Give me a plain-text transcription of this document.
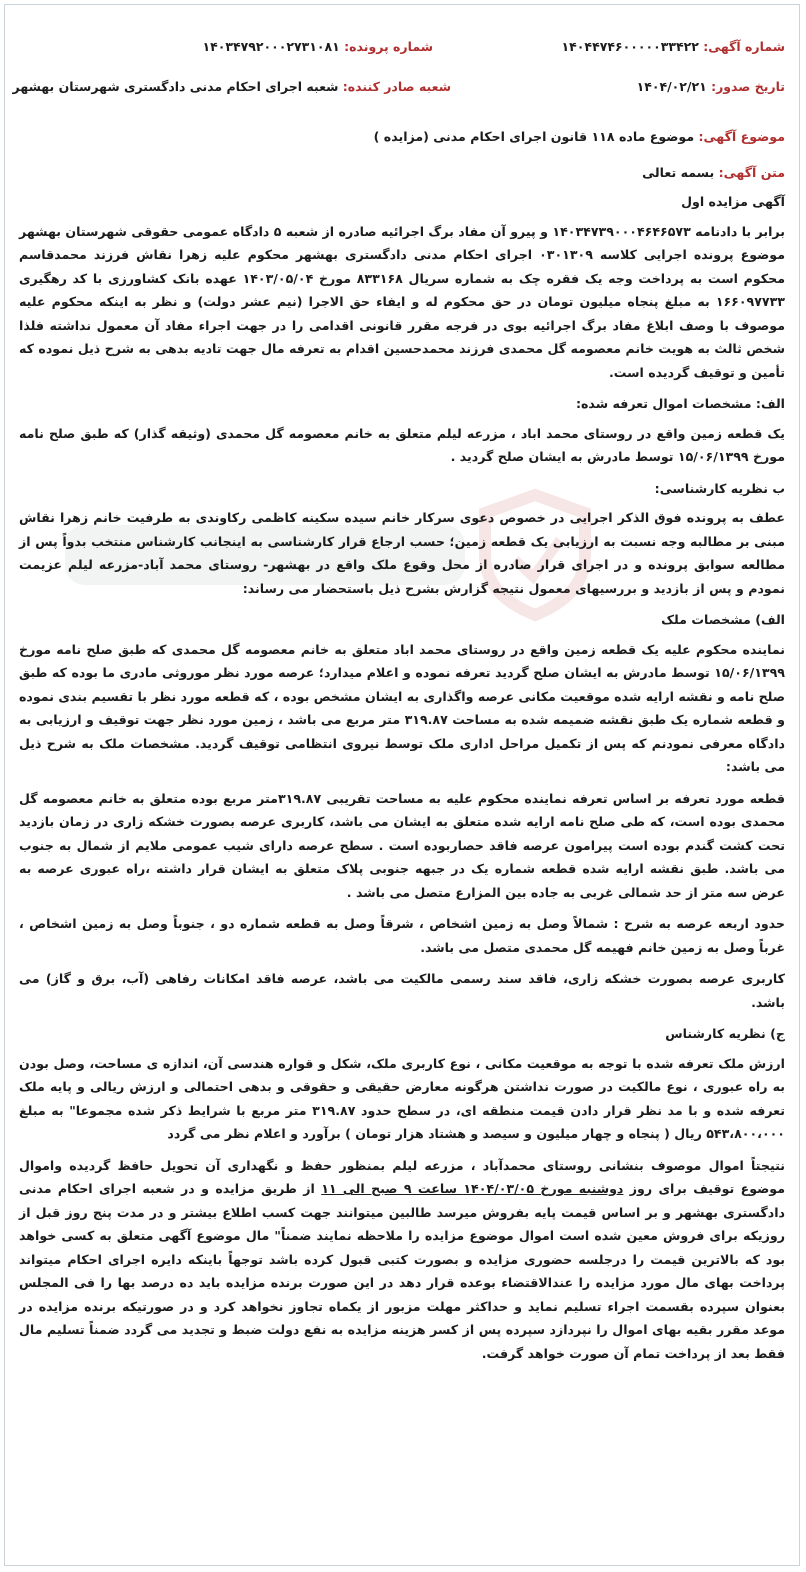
شماره آگهی: ۱۴۰۴۴۷۴۶۰۰۰۰۰۳۳۴۲۲
شماره پرونده: ۱۴۰۳۴۷۹۲۰۰۰۲۷۳۱۰۸۱
تاریخ صدور: ۱۴۰۴/۰۲/۲۱
شعبه صادر کننده: شعبه اجرای احکام مدنی دادگستری شهرستان بهشهر

موضوع آگهی: موضوع ماده ۱۱۸ قانون اجرای احکام مدنی (مزایده )

متن آگهی: بسمه تعالی

آگهی مزایده اول

برابر با دادنامه ۱۴۰۳۴۷۳۹۰۰۰۴۶۴۶۵۷۳ و پیرو آن مفاد برگ اجرائیه صادره از شعبه ۵ دادگاه عمومی حقوقی شهرستان بهشهر موضوع پرونده اجرایی کلاسه ۰۳۰۱۳۰۹ اجرای احکام مدنی دادگستری بهشهر محکوم علیه زهرا نقاش فرزند محمدقاسم محکوم است به پرداخت وجه یک فقره چک به شماره سریال ۸۳۳۱۶۸ مورخ ۱۴۰۳/۰۵/۰۴ عهده بانک کشاورزی با کد رهگیری ۱۶۶۰۹۷۷۳۳ به مبلغ پنجاه میلیون تومان در حق محکوم له و ایفاء حق الاجرا (نیم عشر دولت) و نظر به اینکه محکوم علیه موصوف با وصف ابلاغ مفاد برگ اجرائیه بوی در فرجه مقرر قانونی اقدامی را در جهت اجراء مفاد آن معمول نداشته فلذا شخص ثالث به هویت خانم معصومه گل محمدی فرزند محمدحسین اقدام به تعرفه مال جهت تادیه بدهی به شرح ذیل نموده که تأمین و توقیف گردیده است.

الف: مشخصات اموال تعرفه شده:

یک قطعه زمین واقع در روستای محمد اباد ، مزرعه لیلم متعلق به خانم معصومه گل محمدی (وثیقه گذار) که طبق صلح نامه مورخ ۱۵/۰۶/۱۳۹۹ توسط مادرش به ایشان صلح گردید .

ب نظریه کارشناسی:

عطف به پرونده فوق الذکر اجرایی در خصوص دعوی سرکار خانم سیده سکینه کاظمی رکاوندی به طرفیت خانم زهرا نقاش مبنی بر مطالبه وجه نسبت به ارزیابی یک قطعه زمین؛ حسب ارجاع قرار کارشناسی به اینجانب کارشناس منتخب بدواً پس از مطالعه سوابق پرونده و در اجرای قرار صادره از محل وقوع ملک واقع در بهشهر- روستای محمد آباد-مزرعه لیلم عزیمت نمودم و پس از بازدید و بررسیهای معمول نتیجه گزارش بشرح ذیل باستحضار می رساند:

الف) مشخصات ملک

نماینده محکوم علیه یک قطعه زمین واقع در روستای محمد اباد متعلق به خانم معصومه گل محمدی که طبق صلح نامه مورخ ۱۵/۰۶/۱۳۹۹ توسط مادرش به ایشان صلح گردید تعرفه نموده و اعلام میدارد؛ عرصه مورد نظر موروثی مادری ما بوده که طبق صلح نامه و نقشه ارایه شده موقعیت مکانی عرصه واگذاری به ایشان مشخص بوده ، که قطعه مورد نظر با تقسیم بندی نموده و قطعه شماره یک طبق نقشه ضمیمه شده به مساحت ۳۱۹.۸۷ متر مربع می باشد ، زمین مورد نظر جهت توقیف و ارزیابی به دادگاه معرفی نمودنم که پس از تکمیل مراحل اداری ملک توسط نیروی انتظامی توقیف گردید. مشخصات ملک به شرح ذیل می باشد:

قطعه مورد تعرفه بر اساس تعرفه نماینده محکوم علیه به مساحت تقریبی ۳۱۹.۸۷متر مربع بوده متعلق به خانم معصومه گل محمدی بوده است، که طی صلح نامه ارایه شده متعلق به ایشان می باشد، کاربری عرصه بصورت خشکه زاری در زمان بازدید تحت کشت گندم بوده است پیرامون عرصه فاقد حصاربوده است . سطح عرصه دارای شیب عمومی ملایم از شمال به جنوب می باشد. طبق نقشه ارایه شده قطعه شماره یک در جبهه جنوبی پلاک متعلق به ایشان قرار داشته ،راه عبوری عرصه به عرض سه متر از حد شمالی غربی به جاده بین المزارع متصل می باشد .

حدود اربعه عرصه به شرح : شمالاً وصل به زمین اشخاص ، شرقاً وصل به قطعه شماره دو ، جنوباً وصل به زمین اشخاص ، غرباً وصل به زمین خانم فهیمه گل محمدی متصل می باشد.

کاربری عرصه بصورت خشکه زاری، فاقد سند رسمی مالکیت می باشد، عرصه فاقد امکانات رفاهی (آب، برق و گاز) می باشد.

ج) نظریه کارشناس

ارزش ملک تعرفه شده با توجه به موقعیت مکانی ، نوع کاربری ملک، شکل و قواره هندسی آن، اندازه ی مساحت، وصل بودن به راه عبوری ، نوع مالکیت در صورت نداشتن هرگونه معارض حقیقی و حقوقی و بدهی احتمالی و ارزش ریالی و پایه ملک تعرفه شده و با مد نظر قرار دادن قیمت منطقه ای، در سطح حدود ۳۱۹.۸۷ متر مربع با شرایط ذکر شده مجموعا" به مبلغ ۵۴۳،۸۰۰،۰۰۰ ریال ( پنجاه و چهار میلیون و سیصد و هشتاد هزار تومان ) برآورد و اعلام نظر می گردد

نتیجتاً اموال موصوف بنشانی روستای محمدآباد ، مزرعه لیلم بمنظور حفظ و نگهداری آن تحویل حافظ گردیده واموال موضوع توقیف برای روز دوشنبه مورخ ۱۴۰۴/۰۳/۰۵ ساعت ۹ صبح الی ۱۱ از طریق مزایده و در شعبه اجرای احکام مدنی دادگستری بهشهر و بر اساس قیمت پایه بفروش میرسد طالبین میتوانند جهت کسب اطلاع بیشتر و در مدت پنج روز قبل از روزیکه برای فروش معین شده است اموال موضوع مزایده را ملاحظه نمایند ضمناً" مال موضوع آگهی متعلق به کسی خواهد بود که بالاترین قیمت را درجلسه حضوری مزایده و بصورت کتبی قبول کرده باشد توجهاً باینکه دایره اجرای احکام میتواند پرداخت بهای مال مورد مزایده را عندالاقتضاء بوعده قرار دهد در این صورت برنده مزایده باید ده درصد بها را فی المجلس بعنوان سپرده بقسمت اجراء تسلیم نماید و حداکثر مهلت مزبور از یکماه تجاوز نخواهد کرد و در صورتیکه برنده مزایده در موعد مقرر بقیه بهای اموال را نپردازد سپرده پس از کسر هزینه مزایده به نفع دولت ضبط و تجدید می گردد ضمناً تسلیم مال فقط بعد از پرداخت تمام آن صورت خواهد گرفت.
